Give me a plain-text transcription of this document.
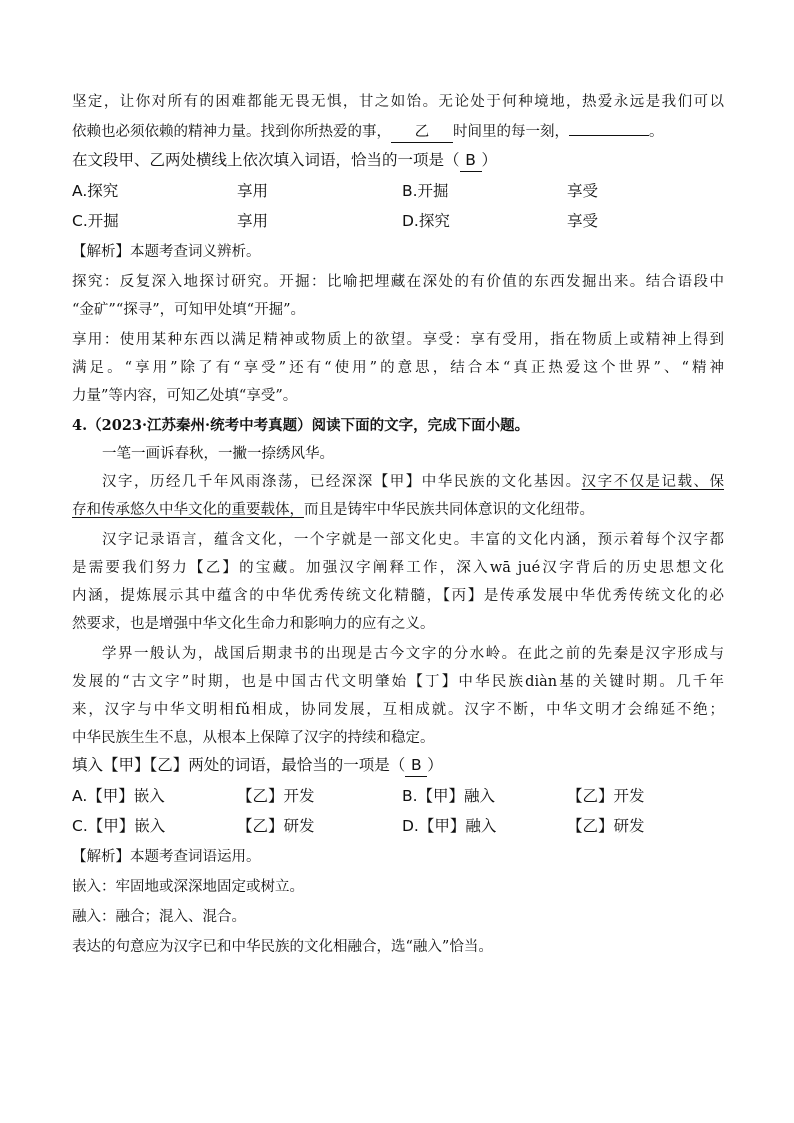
坚定，让你对所有的困难都能无畏无惧，甘之如饴。无论处于何种境地，热爱永远是我们可以

依赖也必须依赖的精神力量。找到你所热爱的事， 乙 时间里的每一刻，	。

在文段甲、乙两处横线上依次填入词语，恰当的一项是（ B ）

A.探究	享用	B.开掘	享受
C.开掘	享用	D.探究	享受

【解析】本题考查词义辨析。

探究：反复深入地探讨研究。开掘：比喻把埋藏在深处的有价值的东西发掘出来。结合语段中

“金矿”“探寻”，可知甲处填“开掘”。

享用：使用某种东西以满足精神或物质上的欲望。享受：享有受用，指在物质上或精神上得到

满足。“享用”除了有“享受”还有“使用”的意思，结合本“真正热爱这个世界”、“精神

力量”等内容，可知乙处填“享受”。

4.（2023·江苏秦州·统考中考真题）阅读下面的文字，完成下面小题。

一笔一画诉春秋，一撇一捺绣风华。

汉字，历经几千年风雨涤荡，已经深深【甲】中华民族的文化基因。汉字不仅是记载、保

存和传承悠久中华文化的重要载体，而且是铸牢中华民族共同体意识的文化纽带。

汉字记录语言，蕴含文化，一个字就是一部文化史。丰富的文化内涵，预示着每个汉字都

是需要我们努力【乙】的宝藏。加强汉字阐释工作，深入wā jué汉字背后的历史思想文化

内涵，提炼展示其中蕴含的中华优秀传统文化精髓，【丙】是传承发展中华优秀传统文化的必

然要求，也是增强中华文化生命力和影响力的应有之义。

学界一般认为，战国后期隶书的出现是古今文字的分水岭。在此之前的先秦是汉字形成与

发展的“古文字”时期，也是中国古代文明肇始【丁】中华民族diàn基的关键时期。几千年

来，汉字与中华文明相fǔ相成，协同发展，互相成就。汉字不断，中华文明才会绵延不绝；

中华民族生生不息，从根本上保障了汉字的持续和稳定。

填入【甲】【乙】两处的词语，最恰当的一项是（ B ）

A.【甲】嵌入	【乙】开发	B.【甲】融入	【乙】开发
C.【甲】嵌入	【乙】研发	D.【甲】融入	【乙】研发

【解析】本题考查词语运用。

嵌入：牢固地或深深地固定或树立。

融入：融合；混入、混合。

表达的句意应为汉字已和中华民族的文化相融合，选“融入”恰当。
